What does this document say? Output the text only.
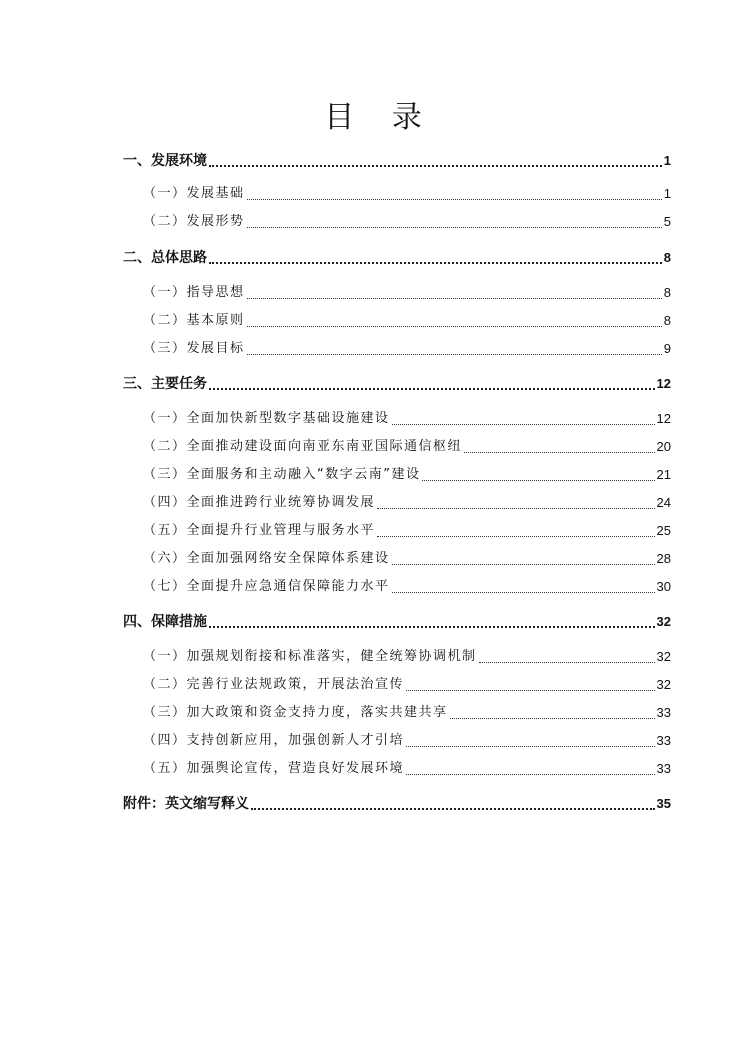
目 录
一、发展环境	1
（一）发展基础	1
（二）发展形势	5
二、总体思路	8
（一）指导思想	8
（二）基本原则	8
（三）发展目标	9
三、主要任务	12
（一）全面加快新型数字基础设施建设	12
（二）全面推动建设面向南亚东南亚国际通信枢纽	20
（三）全面服务和主动融入“数字云南”建设	21
（四）全面推进跨行业统筹协调发展	24
（五）全面提升行业管理与服务水平	25
（六）全面加强网络安全保障体系建设	28
（七）全面提升应急通信保障能力水平	30
四、保障措施	32
（一）加强规划衔接和标准落实，健全统筹协调机制	32
（二）完善行业法规政策，开展法治宣传	32
（三）加大政策和资金支持力度，落实共建共享	33
（四）支持创新应用，加强创新人才引培	33
（五）加强舆论宣传，营造良好发展环境	33
附件：英文缩写释义	35
